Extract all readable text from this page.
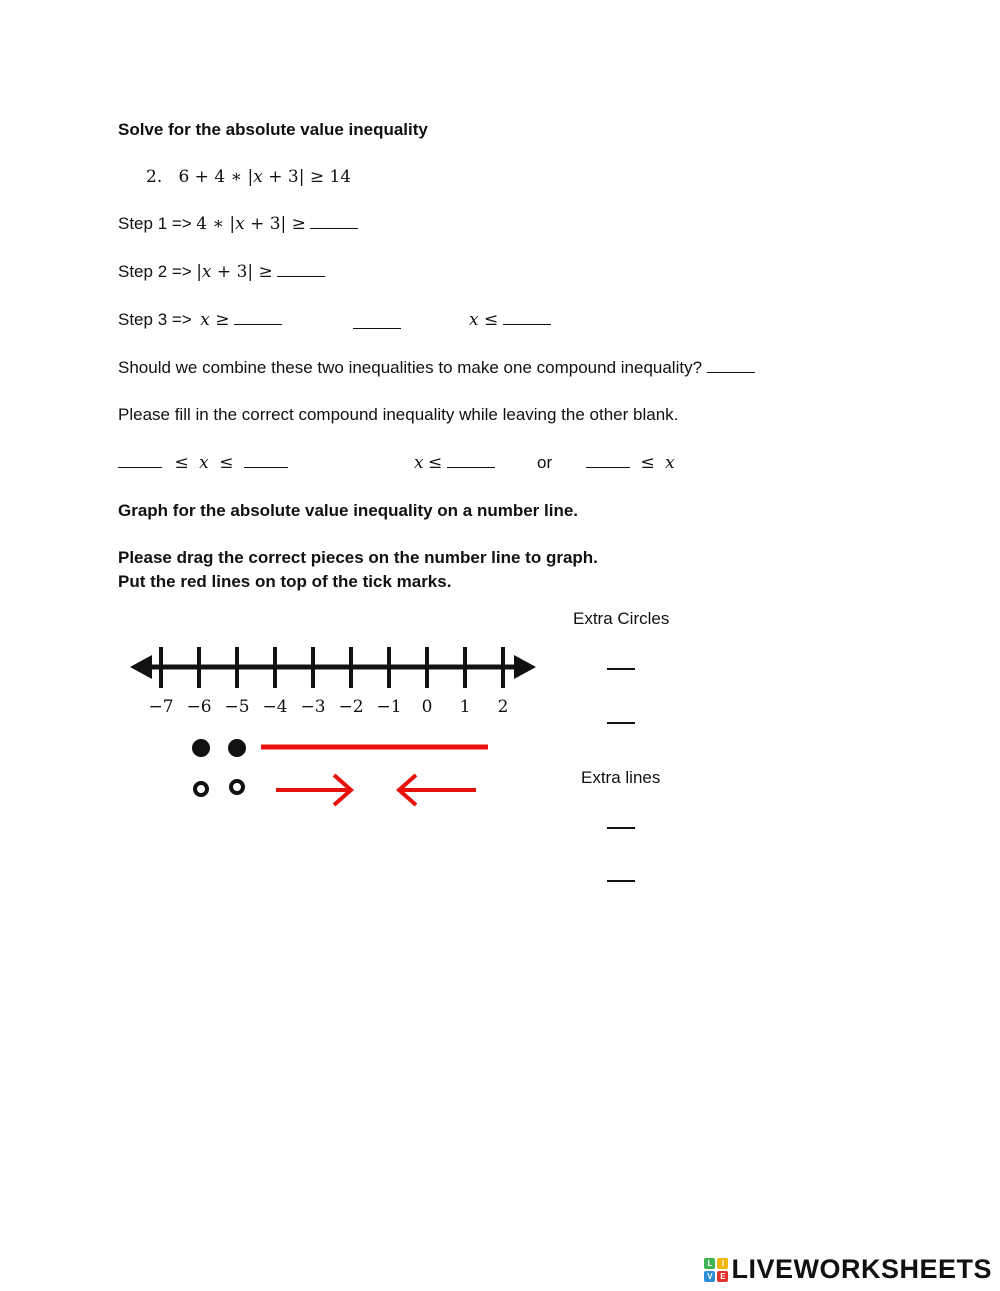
Solve for the absolute value inequality
2. 6 + 4 ∗ |x + 3| ≥ 14
Step 1 => 4 ∗ |x + 3| ≥
Step 2 => |x + 3| ≥
Step 3 => x ≥	x ≤
Should we combine these two inequalities to make one compound inequality?
Please fill in the correct compound inequality while leaving the other blank.
≤ x ≤	x ≤	or	≤ x
Graph for the absolute value inequality on a number line.
Please drag the correct pieces on the number line to graph.
Put the red lines on top of the tick marks.
−7 −6 −5 −4 −3 −2 −1 0 1 2
Extra Circles
Extra lines
L	I
V E LIVEWORKSHEETS
